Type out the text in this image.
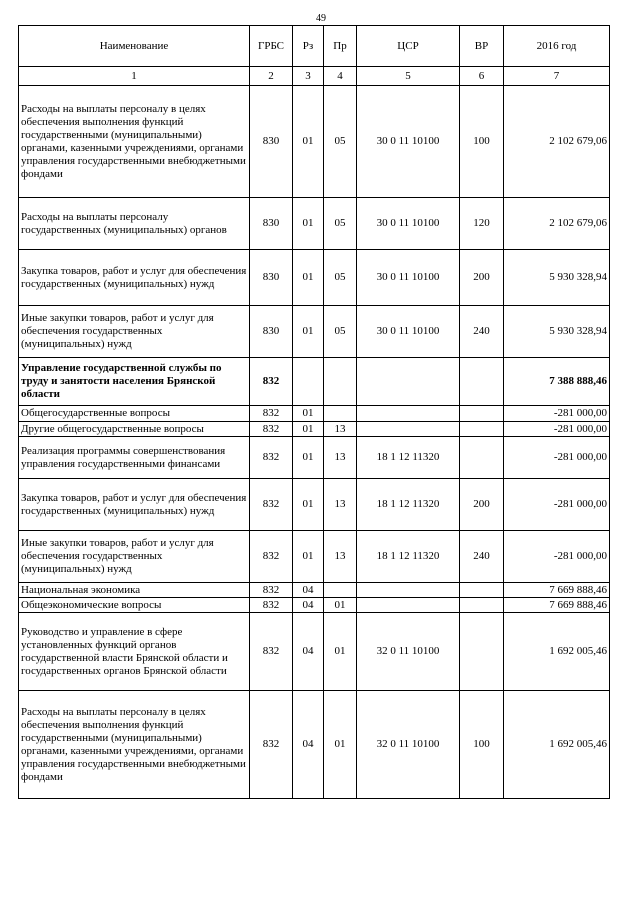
49
Наименование	ГРБС	Рз	Пр	ЦСР	ВР	2016 год
1	2	3	4	5	6	7
Расходы на выплаты персоналу в целях обеспечения выполнения функций государственными (муниципальными) органами, казенными учреждениями, органами управления государственными внебюджетными фондами	830	01	05	30 0 11 10100	100	2 102 679,06
Расходы на выплаты персоналу государственных (муниципальных) органов	830	01	05	30 0 11 10100	120	2 102 679,06
Закупка товаров, работ и услуг для обеспечения государственных (муниципальных) нужд	830	01	05	30 0 11 10100	200	5 930 328,94
Иные закупки товаров, работ и услуг для обеспечения государственных (муниципальных) нужд	830	01	05	30 0 11 10100	240	5 930 328,94
Управление государственной службы по труду и занятости населения Брянской области	832					7 388 888,46
Общегосударственные вопросы	832	01				-281 000,00
Другие общегосударственные вопросы	832	01	13			-281 000,00
Реализация программы совершенствования управления государственными финансами	832	01	13	18 1 12 11320		-281 000,00
Закупка товаров, работ и услуг для обеспечения государственных (муниципальных) нужд	832	01	13	18 1 12 11320	200	-281 000,00
Иные закупки товаров, работ и услуг для обеспечения государственных (муниципальных) нужд	832	01	13	18 1 12 11320	240	-281 000,00
Национальная экономика	832	04				7 669 888,46
Общеэкономические вопросы	832	04	01			7 669 888,46
Руководство и управление в сфере установленных функций органов государственной власти Брянской области и государственных органов Брянской области	832	04	01	32 0 11 10100		1 692 005,46
Расходы на выплаты персоналу в целях обеспечения выполнения функций государственными (муниципальными) органами, казенными учреждениями, органами управления государственными внебюджетными фондами	832	04	01	32 0 11 10100	100	1 692 005,46
